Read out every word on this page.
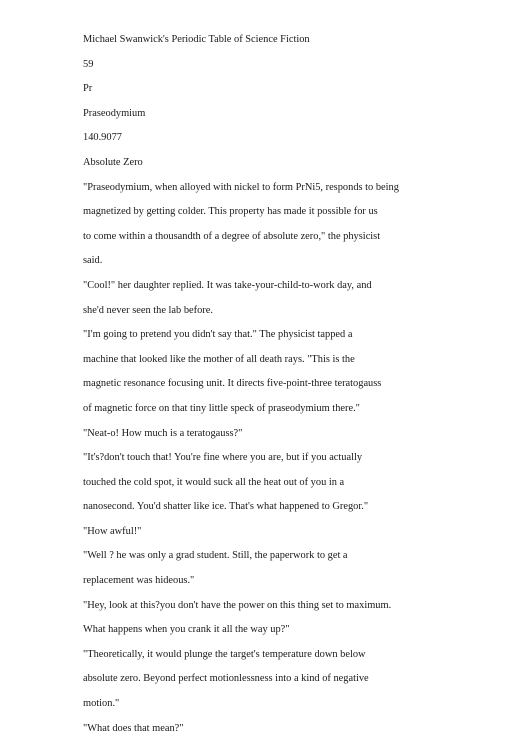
Michael Swanwick's Periodic Table of Science Fiction
59
Pr
Praseodymium
140.9077
Absolute Zero
"Praseodymium, when alloyed with nickel to form PrNi5, responds to being
magnetized by getting colder. This property has made it possible for us
to come within a thousandth of a degree of absolute zero," the physicist
said.
"Cool!" her daughter replied. It was take-your-child-to-work day, and
she'd never seen the lab before.
"I'm going to pretend you didn't say that." The physicist tapped a
machine that looked like the mother of all death rays. "This is the
magnetic resonance focusing unit. It directs five-point-three teratogauss
of magnetic force on that tiny little speck of praseodymium there."
"Neat-o! How much is a teratogauss?"
"It's?don't touch that! You're fine where you are, but if you actually
touched the cold spot, it would suck all the heat out of you in a
nanosecond. You'd shatter like ice. That's what happened to Gregor."
"How awful!"
"Well ? he was only a grad student. Still, the paperwork to get a
replacement was hideous."
"Hey, look at this?you don't have the power on this thing set to maximum.
What happens when you crank it all the way up?"
"Theoretically, it would plunge the target's temperature down below
absolute zero. Beyond perfect motionlessness into a kind of negative
motion."
"What does that mean?"
